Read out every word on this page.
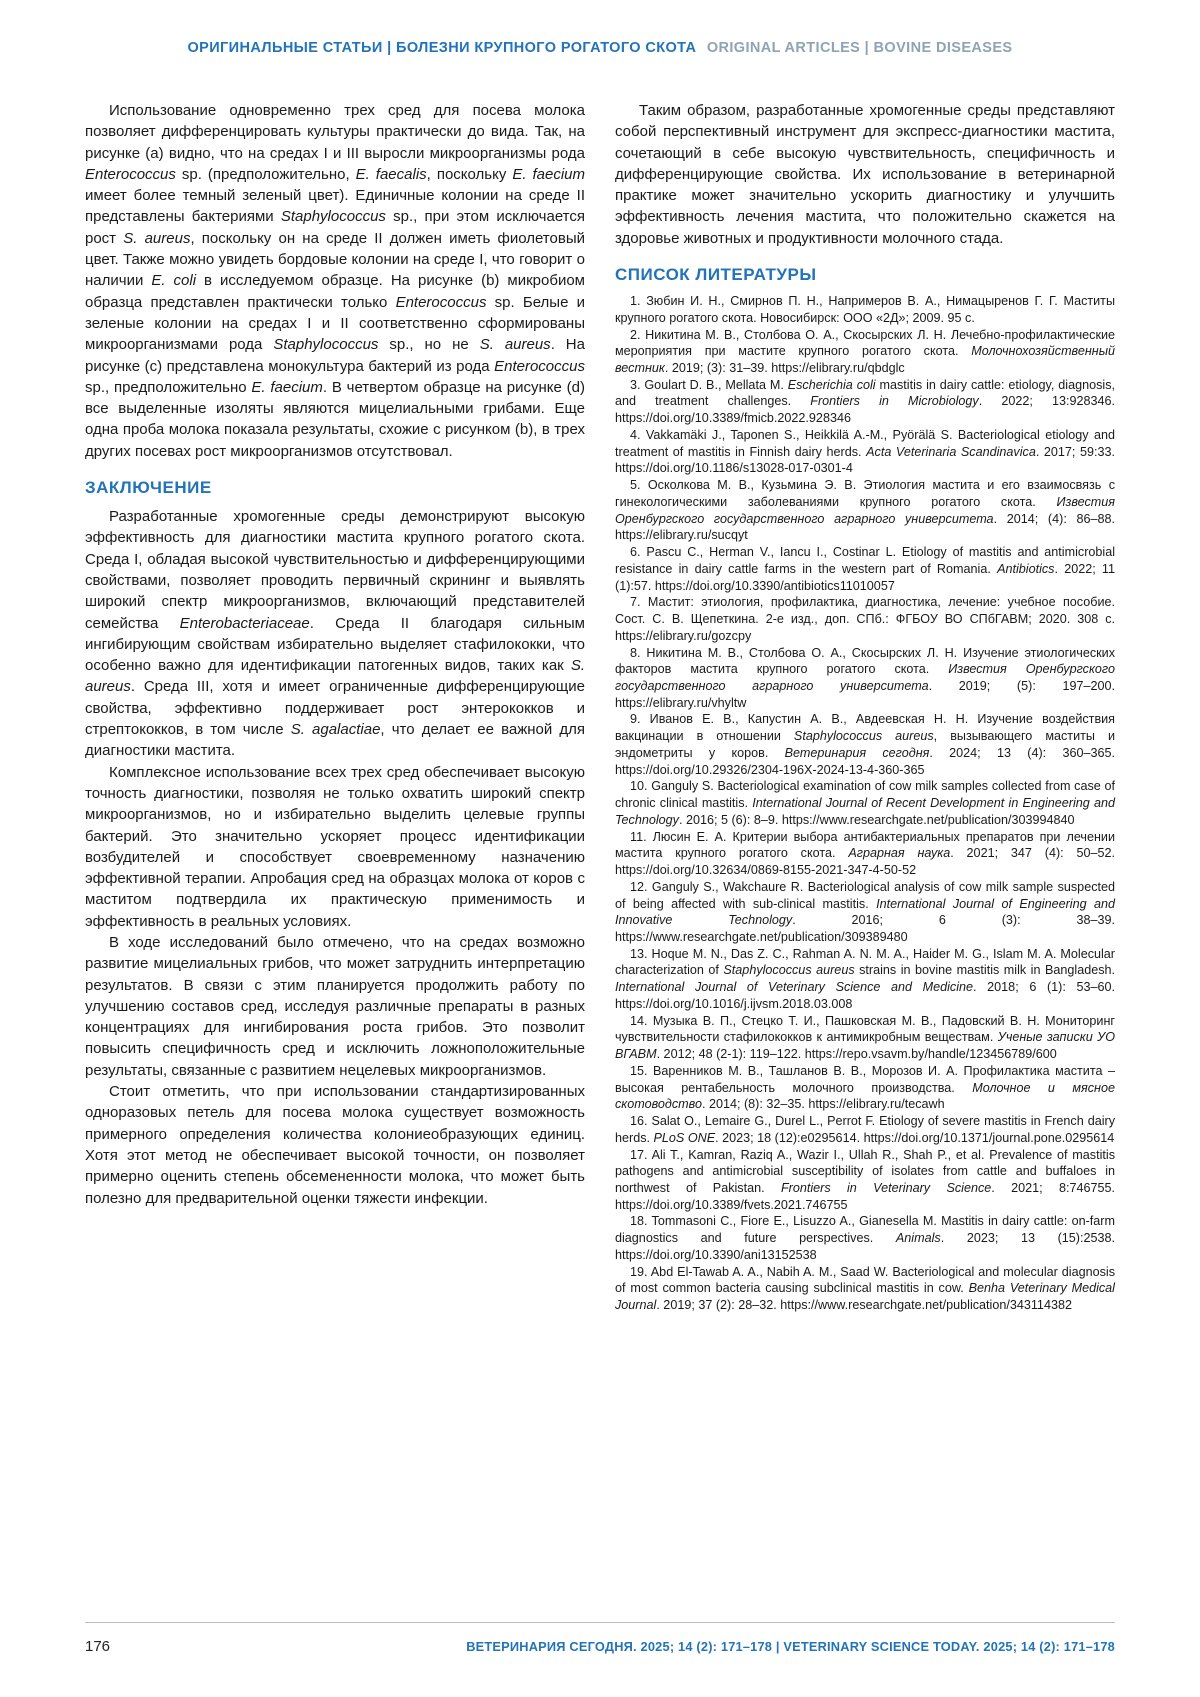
ОРИГИНАЛЬНЫЕ СТАТЬИ | БОЛЕЗНИ КРУПНОГО РОГАТОГО СКОТА ORIGINAL ARTICLES | BOVINE DISEASES

Использование одновременно трех сред для посева молока позволяет дифференцировать культуры практически до вида. Так, на рисунке (a) видно, что на средах I и III выросли микроорганизмы рода Enterococcus sp. (предположительно, E. faecalis, поскольку E. faecium имеет более темный зеленый цвет). Единичные колонии на среде II представлены бактериями Staphylococcus sp., при этом исключается рост S. aureus, поскольку он на среде II должен иметь фиолетовый цвет. Также можно увидеть бордовые колонии на среде I, что говорит о наличии E. coli в исследуемом образце. На рисунке (b) микробиом образца представлен практически только Enterococcus sp. Белые и зеленые колонии на средах I и II соответственно сформированы микроорганизмами рода Staphylococcus sp., но не S. aureus. На рисунке (c) представлена монокультура бактерий из рода Enterococcus sp., предположительно E. faecium. В четвертом образце на рисунке (d) все выделенные изоляты являются мицелиальными грибами. Еще одна проба молока показала результаты, схожие с рисунком (b), в трех других посевах рост микроорганизмов отсутствовал.

ЗАКЛЮЧЕНИЕ

Разработанные хромогенные среды демонстрируют высокую эффективность для диагностики мастита крупного рогатого скота. Среда I, обладая высокой чувствительностью и дифференцирующими свойствами, позволяет проводить первичный скрининг и выявлять широкий спектр микроорганизмов, включающий представителей семейства Enterobacteriaceae. Среда II благодаря сильным ингибирующим свойствам избирательно выделяет стафилококки, что особенно важно для идентификации патогенных видов, таких как S. aureus. Среда III, хотя и имеет ограниченные дифференцирующие свойства, эффективно поддерживает рост энтерококков и стрептококков, в том числе S. agalactiae, что делает ее важной для диагностики мастита.

Комплексное использование всех трех сред обеспечивает высокую точность диагностики, позволяя не только охватить широкий спектр микроорганизмов, но и избирательно выделить целевые группы бактерий. Это значительно ускоряет процесс идентификации возбудителей и способствует своевременному назначению эффективной терапии. Апробация сред на образцах молока от коров с маститом подтвердила их практическую применимость и эффективность в реальных условиях.

В ходе исследований было отмечено, что на средах возможно развитие мицелиальных грибов, что может затруднить интерпретацию результатов. В связи с этим планируется продолжить работу по улучшению составов сред, исследуя различные препараты в разных концентрациях для ингибирования роста грибов. Это позволит повысить специфичность сред и исключить ложноположительные результаты, связанные с развитием нецелевых микроорганизмов.

Стоит отметить, что при использовании стандартизированных одноразовых петель для посева молока существует возможность примерного определения количества колониеобразующих единиц. Хотя этот метод не обеспечивает высокой точности, он позволяет примерно оценить степень обсемененности молока, что может быть полезно для предварительной оценки тяжести инфекции.

Таким образом, разработанные хромогенные среды представляют собой перспективный инструмент для экспресс-диагностики мастита, сочетающий в себе высокую чувствительность, специфичность и дифференцирующие свойства. Их использование в ветеринарной практике может значительно ускорить диагностику и улучшить эффективность лечения мастита, что положительно скажется на здоровье животных и продуктивности молочного стада.

СПИСОК ЛИТЕРАТУРЫ

1. Зюбин И. Н., Смирнов П. Н., Напримеров В. А., Нимацыренов Г. Г. Маститы крупного рогатого скота. Новосибирск: ООО «2Д»; 2009. 95 с.

2. Никитина М. В., Столбова О. А., Скосырских Л. Н. Лечебно-профилактические мероприятия при мастите крупного рогатого скота. Молочнохозяйственный вестник. 2019; (3): 31–39. https://elibrary.ru/qbdglc

3. Goulart D. B., Mellata M. Escherichia coli mastitis in dairy cattle: etiology, diagnosis, and treatment challenges. Frontiers in Microbiology. 2022; 13:928346. https://doi.org/10.3389/fmicb.2022.928346

4. Vakkamäki J., Taponen S., Heikkilä A.-M., Pyörälä S. Bacteriological etiology and treatment of mastitis in Finnish dairy herds. Acta Veterinaria Scandinavica. 2017; 59:33. https://doi.org/10.1186/s13028-017-0301-4

5. Осколкова М. В., Кузьмина Э. В. Этиология мастита и его взаимосвязь с гинекологическими заболеваниями крупного рогатого скота. Известия Оренбургского государственного аграрного университета. 2014; (4): 86–88. https://elibrary.ru/sucqyt

6. Pascu C., Herman V., Iancu I., Costinar L. Etiology of mastitis and antimicrobial resistance in dairy cattle farms in the western part of Romania. Antibiotics. 2022; 11 (1):57. https://doi.org/10.3390/antibiotics11010057

7. Мастит: этиология, профилактика, диагностика, лечение: учебное пособие. Сост. С. В. Щепеткина. 2-е изд., доп. СПб.: ФГБОУ ВО СПбГАВМ; 2020. 308 с. https://elibrary.ru/gozcpy

8. Никитина М. В., Столбова О. А., Скосырских Л. Н. Изучение этиологических факторов мастита крупного рогатого скота. Известия Оренбургского государственного аграрного университета. 2019; (5): 197–200. https://elibrary.ru/vhyltw

9. Иванов Е. В., Капустин А. В., Авдеевская Н. Н. Изучение воздействия вакцинации в отношении Staphylococcus aureus, вызывающего маститы и эндометриты у коров. Ветеринария сегодня. 2024; 13 (4): 360–365. https://doi.org/10.29326/2304-196X-2024-13-4-360-365

10. Ganguly S. Bacteriological examination of cow milk samples collected from case of chronic clinical mastitis. International Journal of Recent Development in Engineering and Technology. 2016; 5 (6): 8–9. https://www.researchgate.net/publication/303994840

11. Люсин Е. А. Критерии выбора антибактериальных препаратов при лечении мастита крупного рогатого скота. Аграрная наука. 2021; 347 (4): 50–52. https://doi.org/10.32634/0869-8155-2021-347-4-50-52

12. Ganguly S., Wakchaure R. Bacteriological analysis of cow milk sample suspected of being affected with sub-clinical mastitis. International Journal of Engineering and Innovative Technology. 2016; 6 (3): 38–39. https://www.researchgate.net/publication/309389480

13. Hoque M. N., Das Z. C., Rahman A. N. M. A., Haider M. G., Islam M. A. Molecular characterization of Staphylococcus aureus strains in bovine mastitis milk in Bangladesh. International Journal of Veterinary Science and Medicine. 2018; 6 (1): 53–60. https://doi.org/10.1016/j.ijvsm.2018.03.008

14. Музыка В. П., Стецко Т. И., Пашковская М. В., Падовский В. Н. Мониторинг чувствительности стафилококков к антимикробным веществам. Ученые записки УО ВГАВМ. 2012; 48 (2-1): 119–122. https://repo.vsavm.by/handle/123456789/600

15. Варенников М. В., Ташланов В. В., Морозов И. А. Профилактика мастита – высокая рентабельность молочного производства. Молочное и мясное скотоводство. 2014; (8): 32–35. https://elibrary.ru/tecawh

16. Salat O., Lemaire G., Durel L., Perrot F. Etiology of severe mastitis in French dairy herds. PLoS ONE. 2023; 18 (12):e0295614. https://doi.org/10.1371/journal.pone.0295614

17. Ali T., Kamran, Raziq A., Wazir I., Ullah R., Shah P., et al. Prevalence of mastitis pathogens and antimicrobial susceptibility of isolates from cattle and buffaloes in northwest of Pakistan. Frontiers in Veterinary Science. 2021; 8:746755. https://doi.org/10.3389/fvets.2021.746755

18. Tommasoni C., Fiore E., Lisuzzo A., Gianesella M. Mastitis in dairy cattle: on-farm diagnostics and future perspectives. Animals. 2023; 13 (15):2538. https://doi.org/10.3390/ani13152538

19. Abd El-Tawab A. A., Nabih A. M., Saad W. Bacteriological and molecular diagnosis of most common bacteria causing subclinical mastitis in cow. Benha Veterinary Medical Journal. 2019; 37 (2): 28–32. https://www.researchgate.net/publication/343114382

176	ВЕТЕРИНАРИЯ СЕГОДНЯ. 2025; 14 (2): 171–178 | VETERINARY SCIENCE TODAY. 2025; 14 (2): 171–178
